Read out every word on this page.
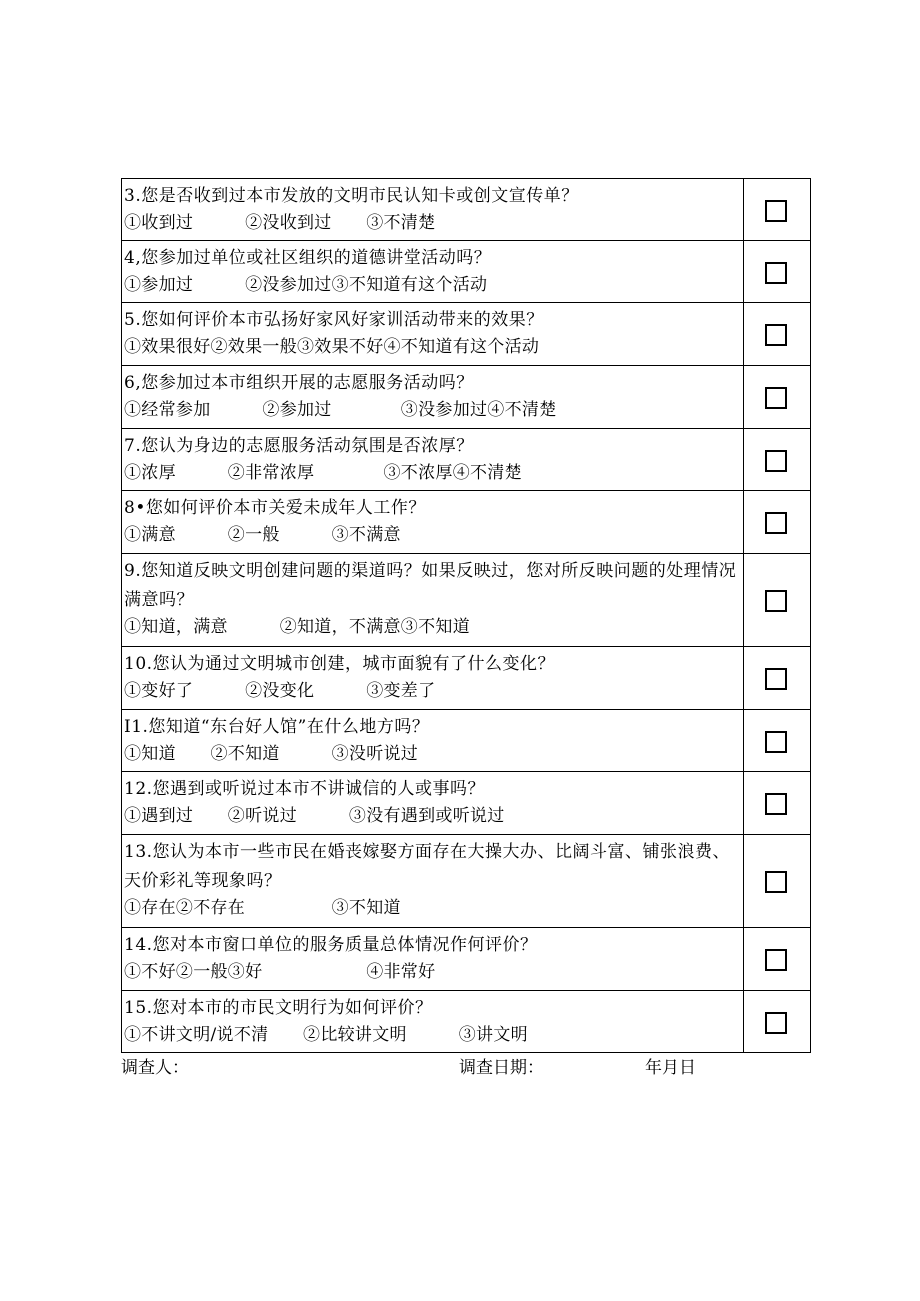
3.您是否收到过本市发放的文明市民认知卡或创文宣传单？
①收到过　　　②没收到过　　③不清楚	

4,您参加过单位或社区组织的道德讲堂活动吗？
①参加过　　　②没参加过③不知道有这个活动	

5.您如何评价本市弘扬好家风好家训活动带来的效果？
①效果很好②效果一般③效果不好④不知道有这个活动	

6,您参加过本市组织开展的志愿服务活动吗？
①经常参加　　　②参加过　　　　③没参加过④不清楚	

7.您认为身边的志愿服务活动氛围是否浓厚？
①浓厚　　　②非常浓厚　　　　③不浓厚④不清楚	

8•您如何评价本市关爱未成年人工作？
①满意　　　②一般　　　③不满意	

9.您知道反映文明创建问题的渠道吗？如果反映过，您对所反映问题的处理情况满意吗？
①知道，满意　　　②知道，不满意③不知道	

10.您认为通过文明城市创建，城市面貌有了什么变化？
①变好了　　　②没变化　　　③变差了	

I1.您知道“东台好人馆”在什么地方吗？
①知道　　②不知道　　　③没听说过	

12.您遇到或听说过本市不讲诚信的人或事吗？
①遇到过　　②听说过　　　③没有遇到或听说过	

13.您认为本市一些市民在婚丧嫁娶方面存在大操大办、比阔斗富、铺张浪费、天价彩礼等现象吗？
①存在②不存在　　　　　③不知道	

14.您对本市窗口单位的服务质量总体情况作何评价？
①不好②一般③好　　　　　　④非常好	

15.您对本市的市民文明行为如何评价？
①不讲文明/说不清　　②比较讲文明　　　③讲文明	

调查人：	调查日期：	年月日
